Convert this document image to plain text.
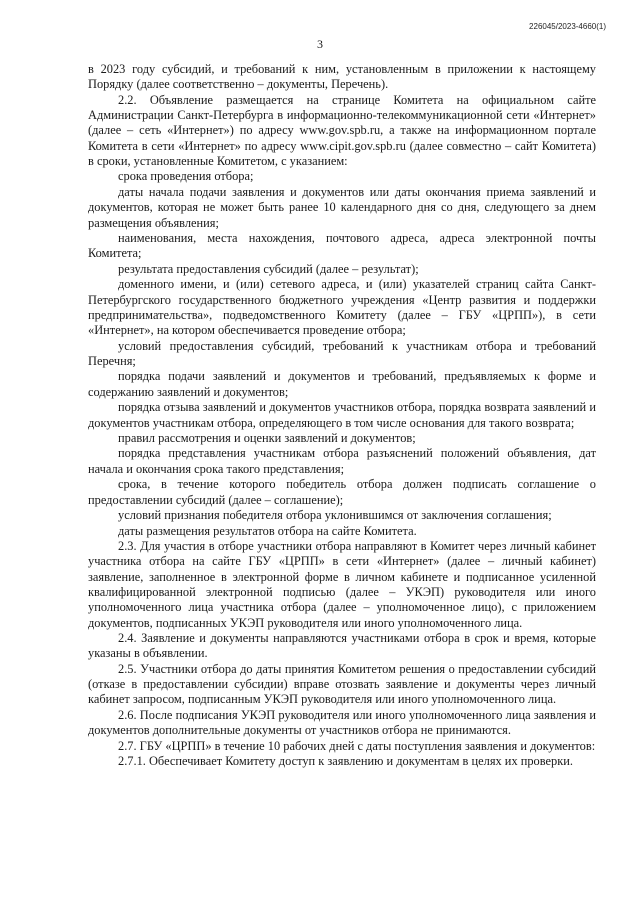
226045/2023-4660(1)
3

в 2023 году субсидий, и требований к ним, установленным в приложении к настоящему Порядку (далее соответственно – документы, Перечень).

2.2. Объявление размещается на странице Комитета на официальном сайте Администрации Санкт-Петербурга в информационно-телекоммуникационной сети «Интернет» (далее – сеть «Интернет») по адресу www.gov.spb.ru, а также на информационном портале Комитета в сети «Интернет» по адресу www.cipit.gov.spb.ru (далее совместно – сайт Комитета) в сроки, установленные Комитетом, с указанием:

срока проведения отбора;

даты начала подачи заявления и документов или даты окончания приема заявлений и документов, которая не может быть ранее 10 календарного дня со дня, следующего за днем размещения объявления;

наименования, места нахождения, почтового адреса, адреса электронной почты Комитета;

результата предоставления субсидий (далее – результат);

доменного имени, и (или) сетевого адреса, и (или) указателей страниц сайта Санкт-Петербургского государственного бюджетного учреждения «Центр развития и поддержки предпринимательства», подведомственного Комитету (далее – ГБУ «ЦРПП»), в сети «Интернет», на котором обеспечивается проведение отбора;

условий предоставления субсидий, требований к участникам отбора и требований Перечня;

порядка подачи заявлений и документов и требований, предъявляемых к форме и содержанию заявлений и документов;

порядка отзыва заявлений и документов участников отбора, порядка возврата заявлений и документов участникам отбора, определяющего в том числе основания для такого возврата;

правил рассмотрения и оценки заявлений и документов;

порядка представления участникам отбора разъяснений положений объявления, дат начала и окончания срока такого представления;

срока, в течение которого победитель отбора должен подписать соглашение о предоставлении субсидий (далее – соглашение);

условий признания победителя отбора уклонившимся от заключения соглашения;

даты размещения результатов отбора на сайте Комитета.

2.3. Для участия в отборе участники отбора направляют в Комитет через личный кабинет участника отбора на сайте ГБУ «ЦРПП» в сети «Интернет» (далее – личный кабинет) заявление, заполненное в электронной форме в личном кабинете и подписанное усиленной квалифицированной электронной подписью (далее – УКЭП) руководителя или иного уполномоченного лица участника отбора (далее – уполномоченное лицо), с приложением документов, подписанных УКЭП руководителя или иного уполномоченного лица.

2.4. Заявление и документы направляются участниками отбора в срок и время, которые указаны в объявлении.

2.5. Участники отбора до даты принятия Комитетом решения о предоставлении субсидий (отказе в предоставлении субсидии) вправе отозвать заявление и документы через личный кабинет запросом, подписанным УКЭП руководителя или иного уполномоченного лица.

2.6. После подписания УКЭП руководителя или иного уполномоченного лица заявления и документов дополнительные документы от участников отбора не принимаются.

2.7. ГБУ «ЦРПП» в течение 10 рабочих дней с даты поступления заявления и документов:

2.7.1. Обеспечивает Комитету доступ к заявлению и документам в целях их проверки.
